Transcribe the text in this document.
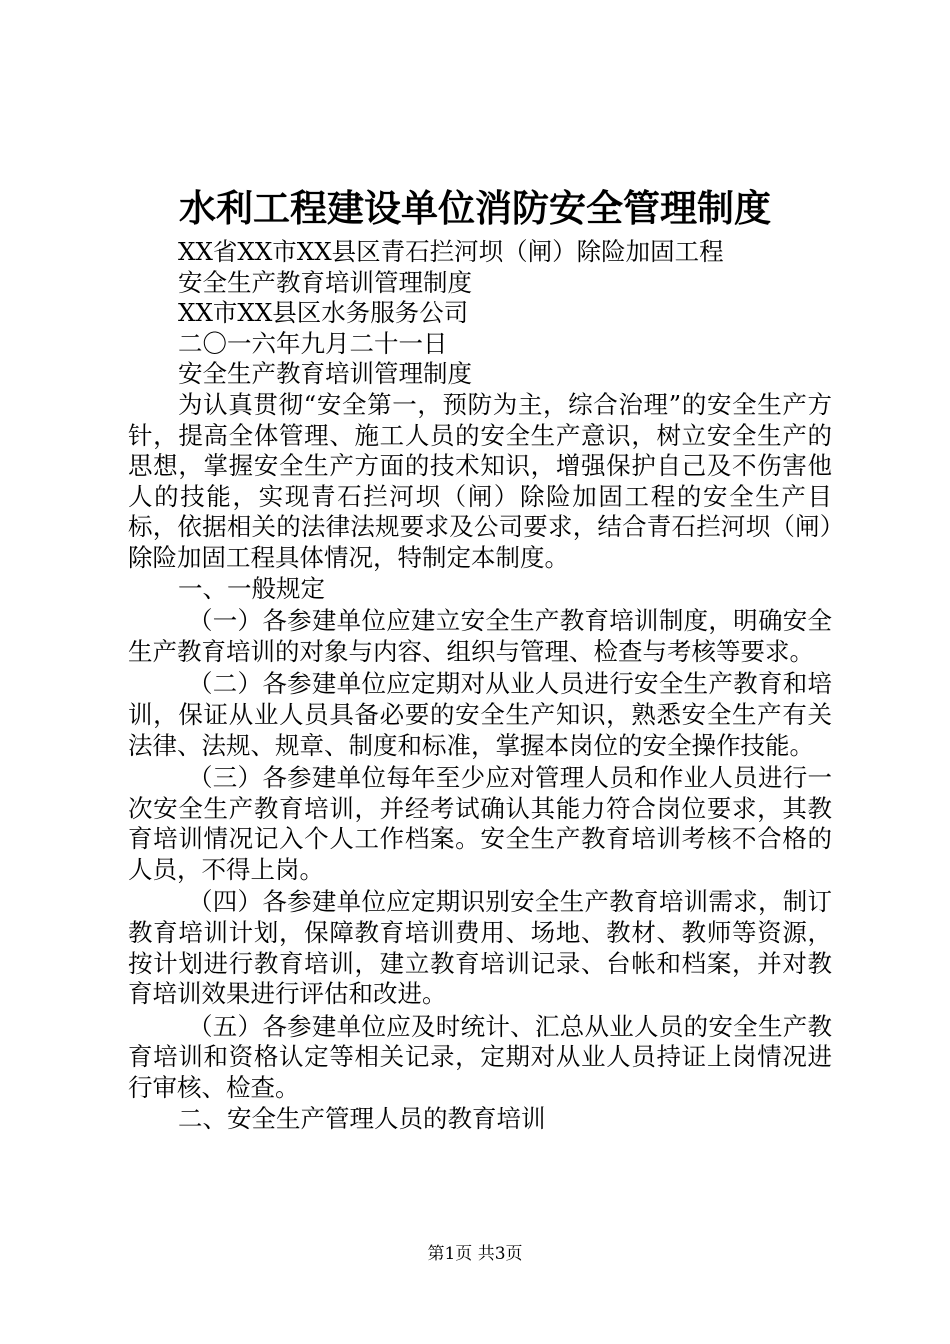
水利工程建设单位消防安全管理制度

XX省XX市XX县区青石拦河坝（闸）除险加固工程

安全生产教育培训管理制度

XX市XX县区水务服务公司

二〇一六年九月二十一日

安全生产教育培训管理制度

为认真贯彻“安全第一，预防为主，综合治理”的安全生产方针，提高全体管理、施工人员的安全生产意识，树立安全生产的思想，掌握安全生产方面的技术知识，增强保护自己及不伤害他人的技能，实现青石拦河坝（闸）除险加固工程的安全生产目标，依据相关的法律法规要求及公司要求，结合青石拦河坝（闸）除险加固工程具体情况，特制定本制度。

一、一般规定

（一）各参建单位应建立安全生产教育培训制度，明确安全生产教育培训的对象与内容、组织与管理、检查与考核等要求。

（二）各参建单位应定期对从业人员进行安全生产教育和培训，保证从业人员具备必要的安全生产知识，熟悉安全生产有关法律、法规、规章、制度和标准，掌握本岗位的安全操作技能。

（三）各参建单位每年至少应对管理人员和作业人员进行一次安全生产教育培训，并经考试确认其能力符合岗位要求，其教育培训情况记入个人工作档案。安全生产教育培训考核不合格的人员，不得上岗。

（四）各参建单位应定期识别安全生产教育培训需求，制订教育培训计划，保障教育培训费用、场地、教材、教师等资源，按计划进行教育培训，建立教育培训记录、台帐和档案，并对教育培训效果进行评估和改进。

（五）各参建单位应及时统计、汇总从业人员的安全生产教育培训和资格认定等相关记录，定期对从业人员持证上岗情况进行审核、检查。

二、安全生产管理人员的教育培训

第1页 共3页
